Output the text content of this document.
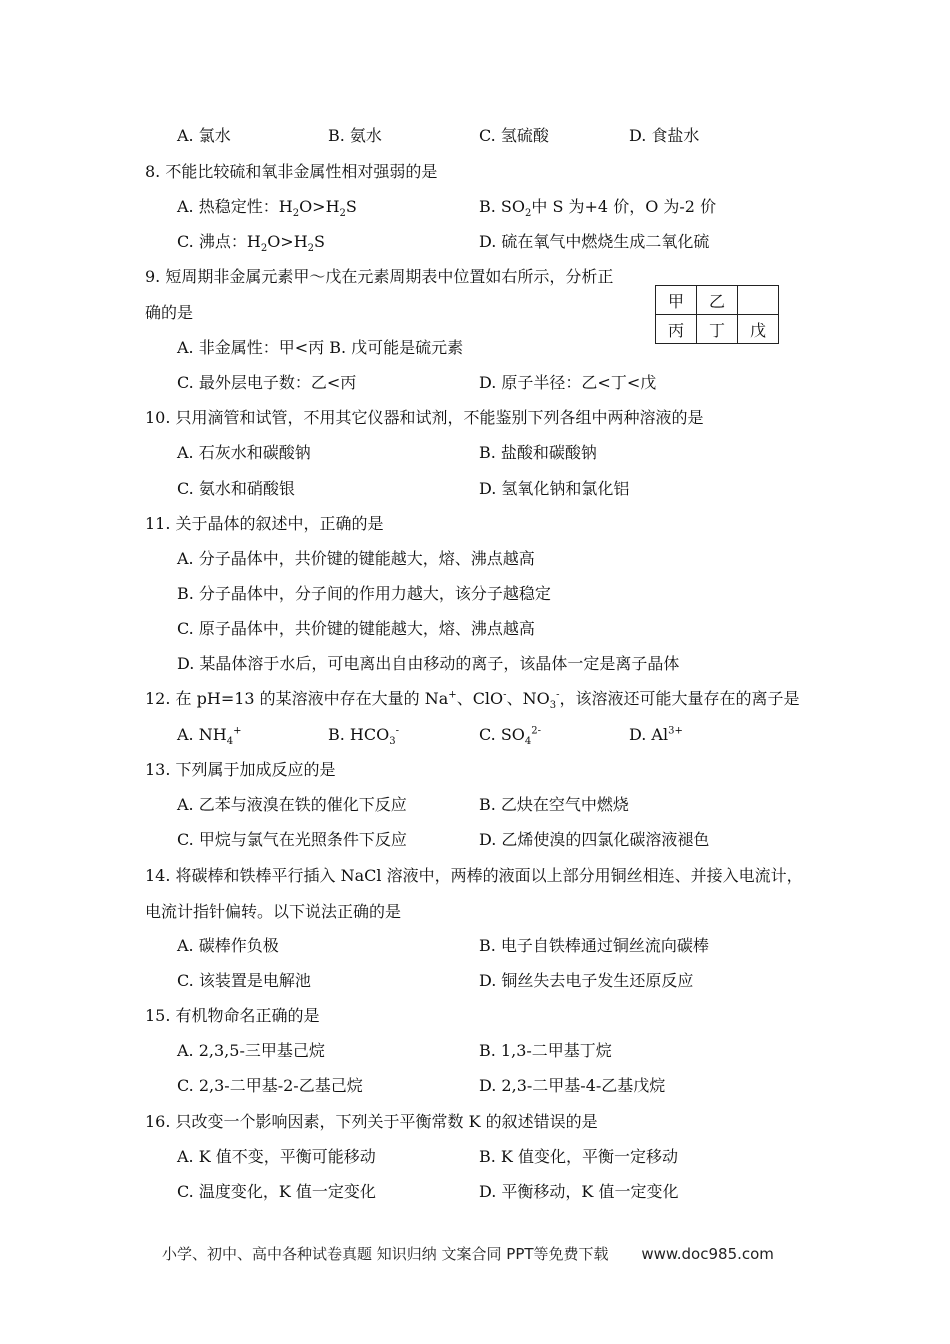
A. 氯水	B. 氨水	C. 氢硫酸	D. 食盐水
8. 不能比较硫和氧非金属性相对强弱的是
A. 热稳定性：$H_2O>H_2S$	B. $SO_2$中 S 为+4 价，O 为-2 价
C. 沸点：$H_2O>H_2S$	D. 硫在氧气中燃烧生成二氧化硫
9. 短周期非金属元素甲～戊在元素周期表中位置如右所示，分析正
确的是
甲	乙	
丙	丁	戊
A. 非金属性：甲<丙 B. 戊可能是硫元素
C. 最外层电子数：乙<丙	D. 原子半径：乙<丁<戊
10. 只用滴管和试管，不用其它仪器和试剂，不能鉴别下列各组中两种溶液的是
A. 石灰水和碳酸钠	B. 盐酸和碳酸钠
C. 氨水和硝酸银	D. 氢氧化钠和氯化铝
11. 关于晶体的叙述中，正确的是
A. 分子晶体中，共价键的键能越大，熔、沸点越高
B. 分子晶体中，分子间的作用力越大，该分子越稳定
C. 原子晶体中，共价键的键能越大，熔、沸点越高
D. 某晶体溶于水后，可电离出自由移动的离子，该晶体一定是离子晶体
12. 在 pH=13 的某溶液中存在大量的 Na+、ClO-、$NO_3^-$，该溶液还可能大量存在的离子是
A. $NH_4^+$	B. $HCO_3^-$	C. $SO_4^{2-}$	D. $Al^{3+}$
13. 下列属于加成反应的是
A. 乙苯与液溴在铁的催化下反应	B. 乙炔在空气中燃烧
C. 甲烷与氯气在光照条件下反应	D. 乙烯使溴的四氯化碳溶液褪色
14. 将碳棒和铁棒平行插入 NaCl 溶液中，两棒的液面以上部分用铜丝相连、并接入电流计，
电流计指针偏转。以下说法正确的是
A. 碳棒作负极	B. 电子自铁棒通过铜丝流向碳棒
C. 该装置是电解池	D. 铜丝失去电子发生还原反应
15. 有机物命名正确的是
A. 2,3,5-三甲基己烷	B. 1,3-二甲基丁烷
C. 2,3-二甲基-2-乙基己烷	D. 2,3-二甲基-4-乙基戊烷
16. 只改变一个影响因素，下列关于平衡常数 K 的叙述错误的是
A. K 值不变，平衡可能移动	B. K 值变化，平衡一定移动
C. 温度变化，K 值一定变化	D. 平衡移动，K 值一定变化
小学、初中、高中各种试卷真题 知识归纳 文案合同 PPT等免费下载 www.doc985.com
